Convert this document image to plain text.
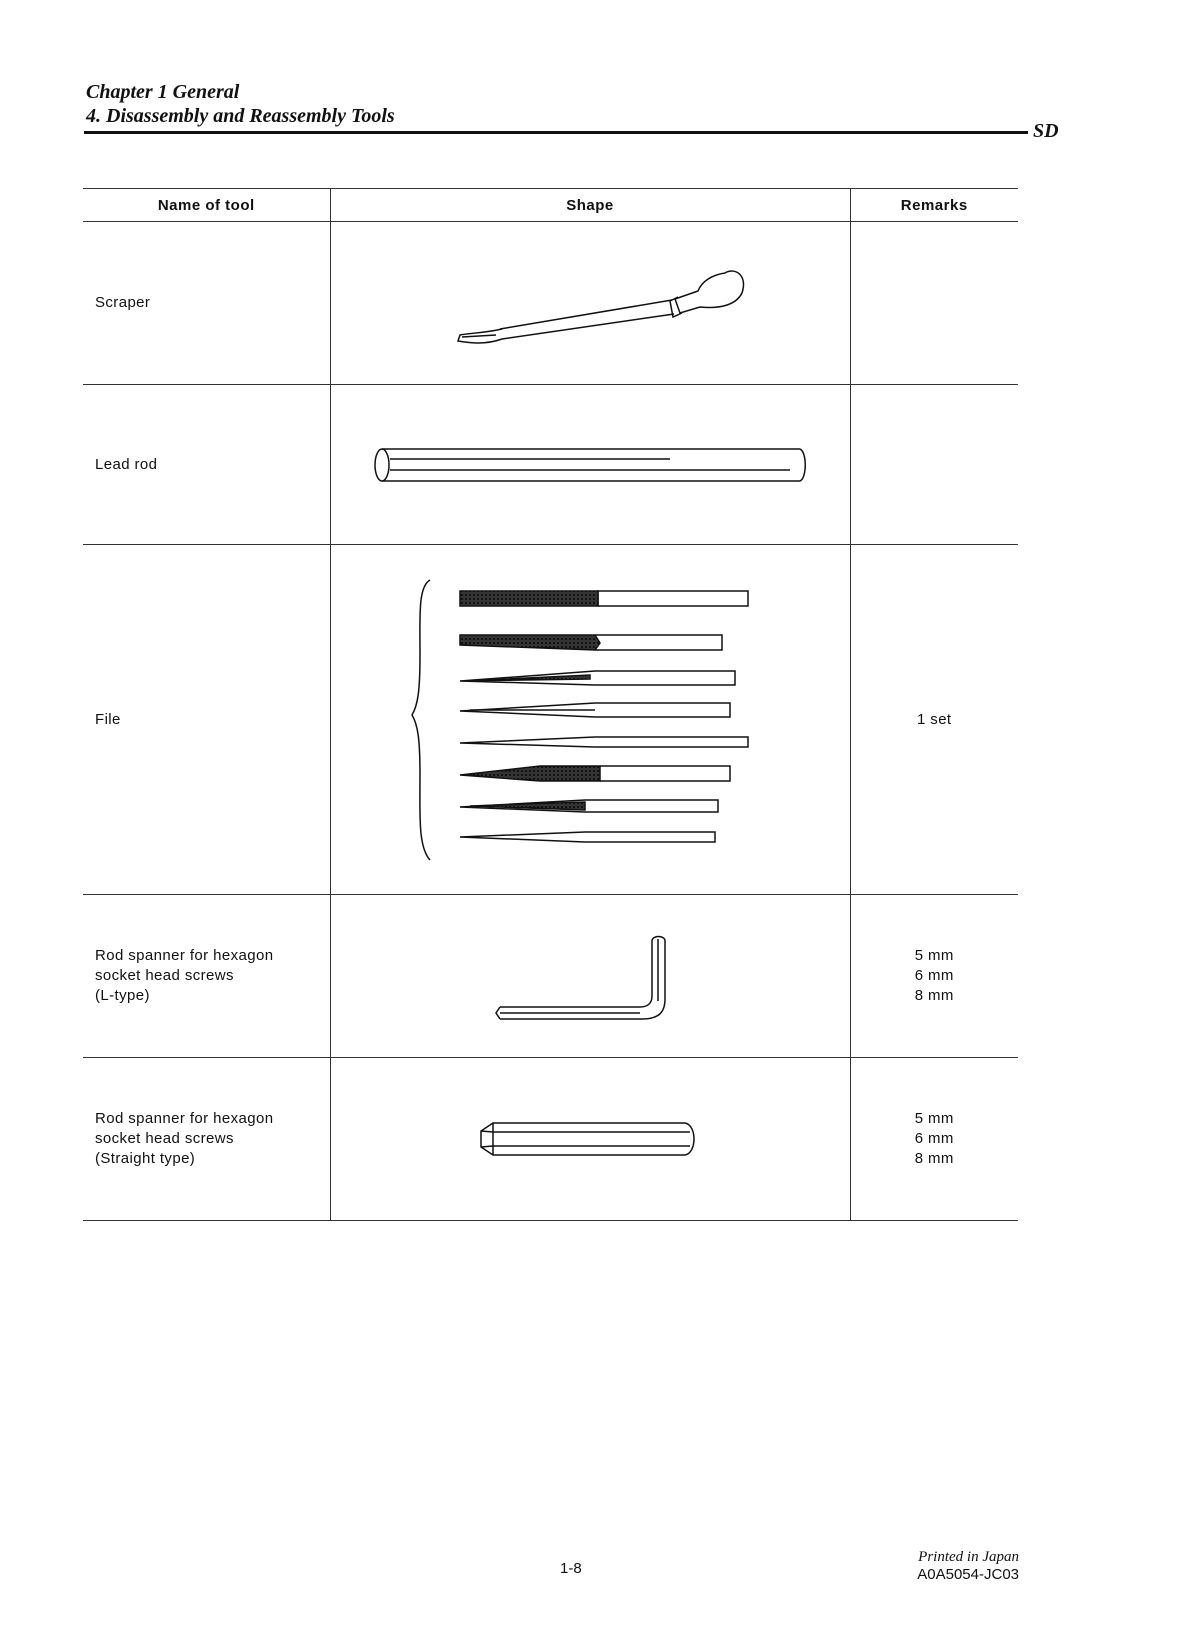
Chapter 1 General
4. Disassembly and Reassembly Tools
SD
Name of tool	Shape	Remarks

Scraper

Lead rod

File		1 set

Rod spanner for hexagon
socket head screws
(L-type)		5 mm
6 mm
8 mm

Rod spanner for hexagon
socket head screws
(Straight type)		5 mm
6 mm
8 mm
1-8
Printed in Japan
A0A5054-JC03
